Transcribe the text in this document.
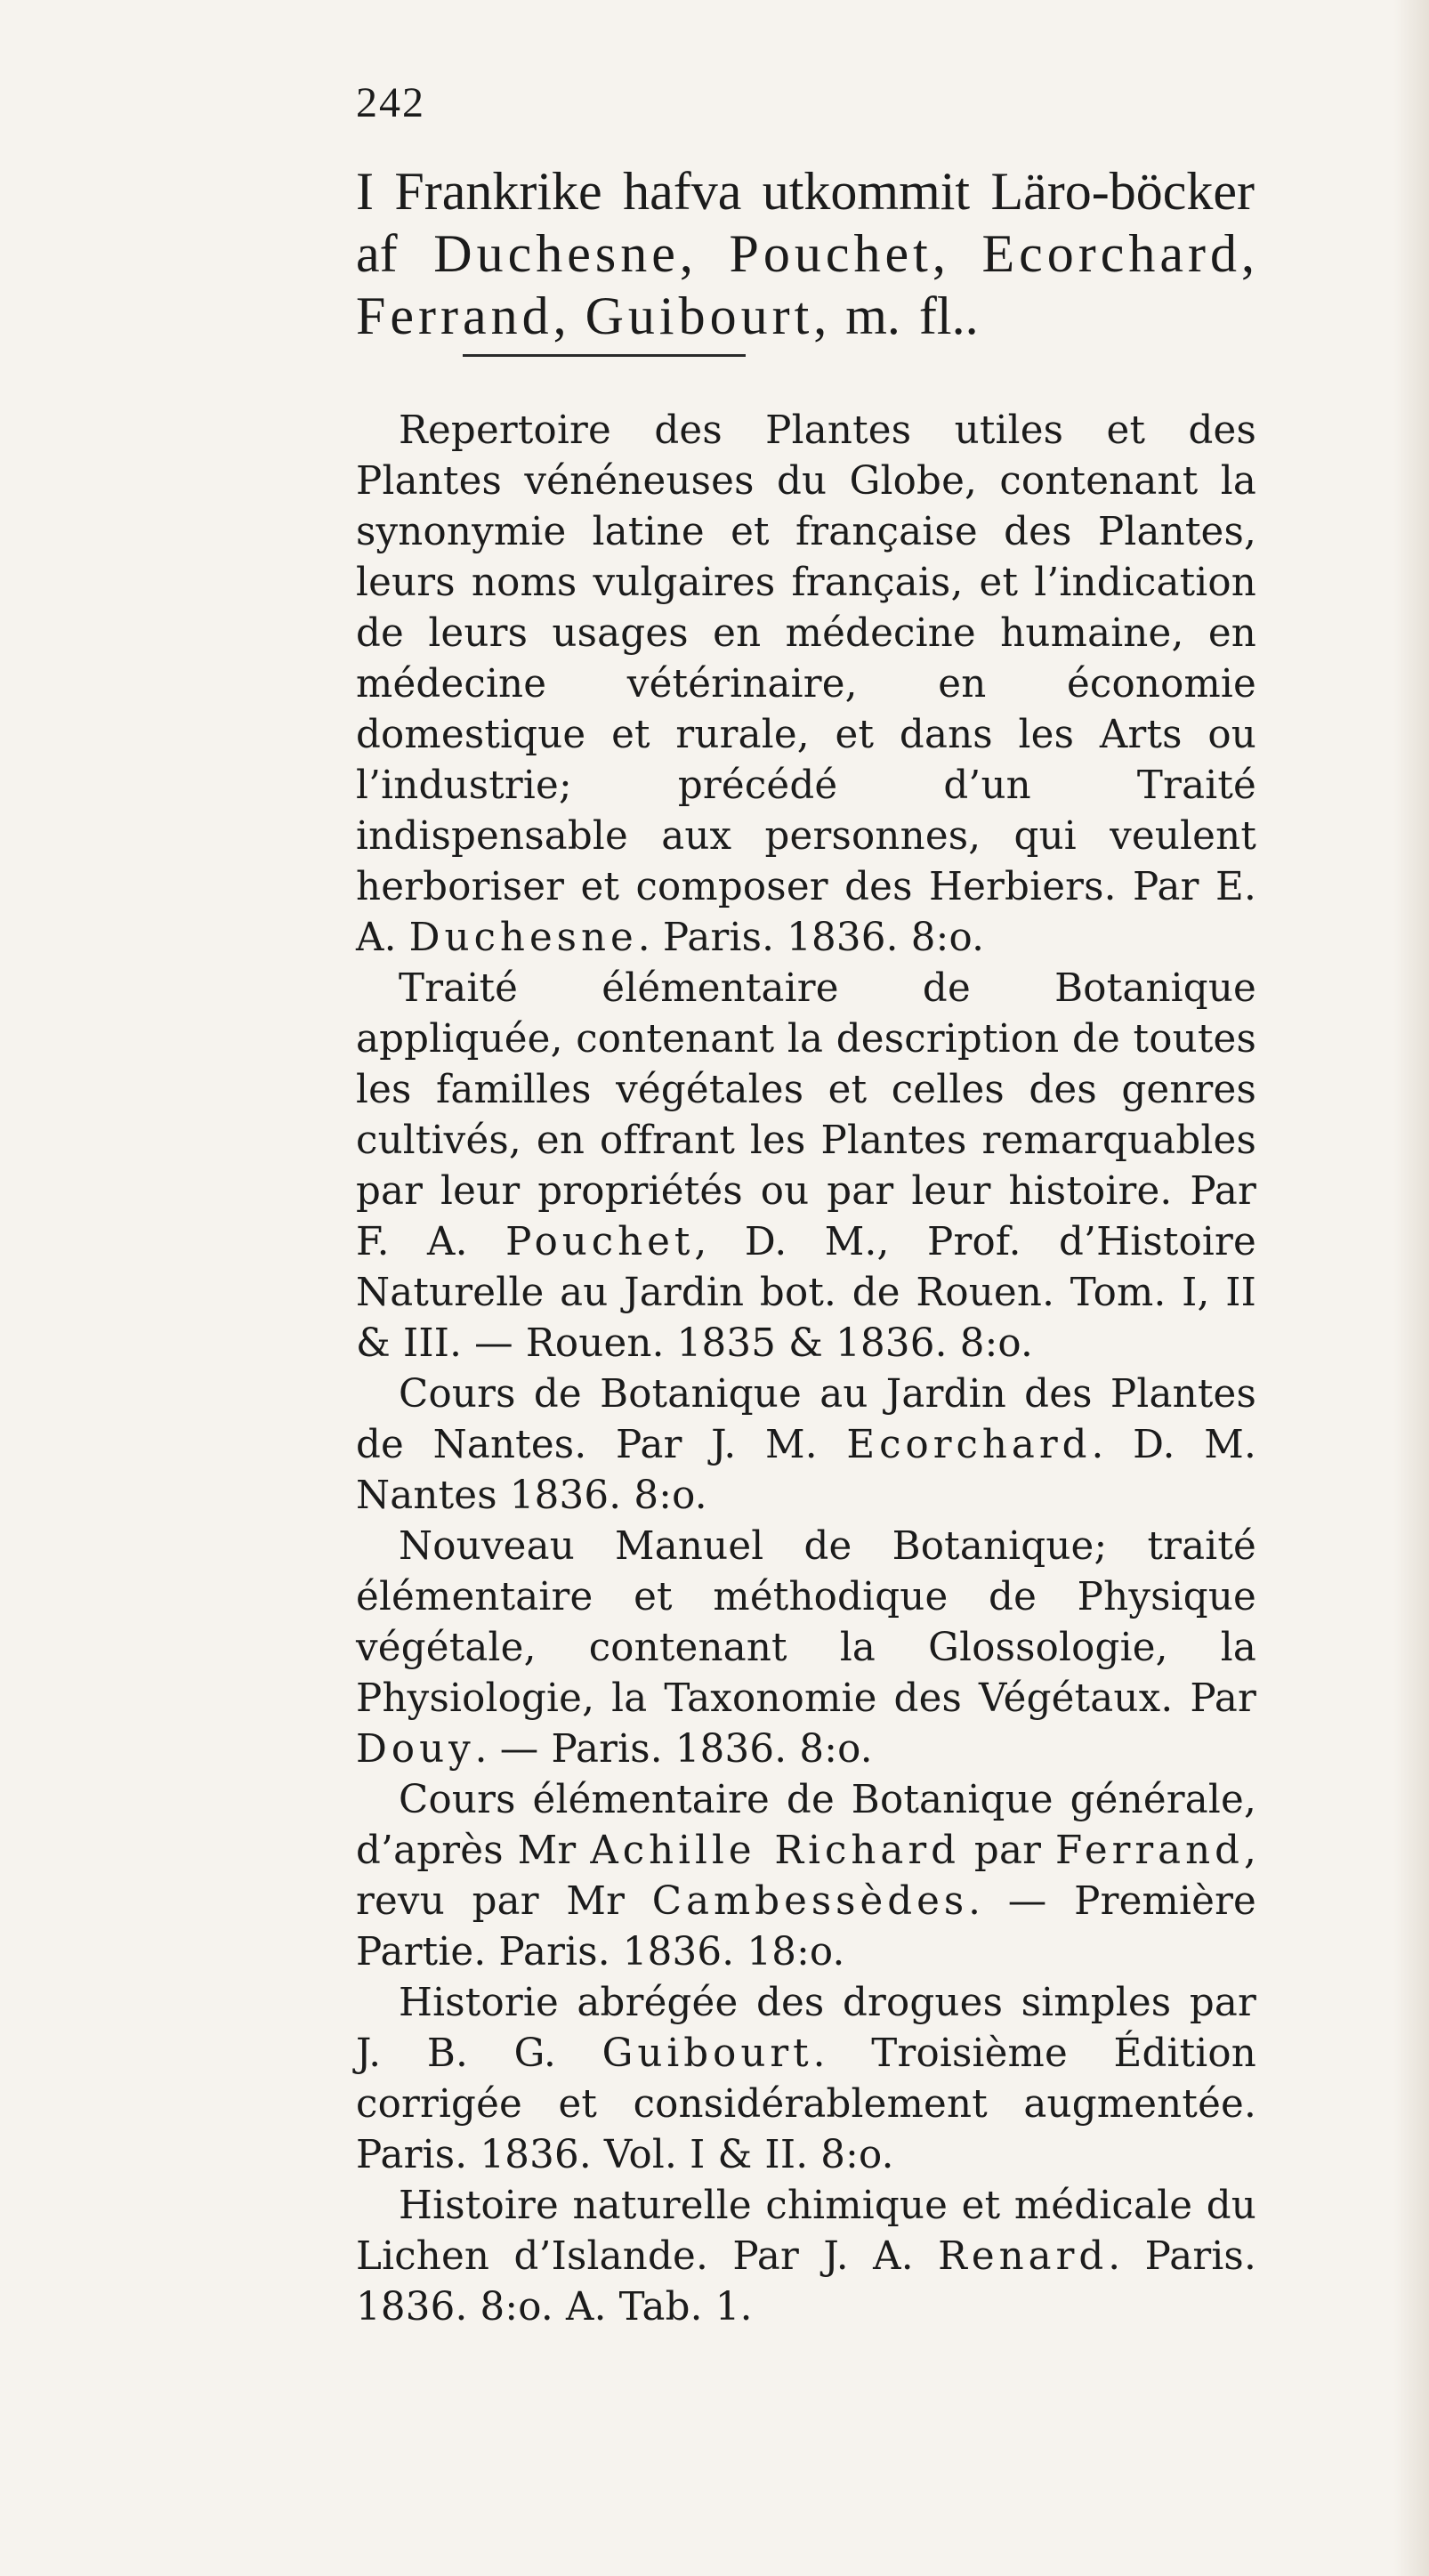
242
I Frankrike hafva utkommit Läro-böcker af Duchesne, Pouchet, Ecorchard, Ferrand, Guibourt, m. fl..

Repertoire des Plantes utiles et des Plantes vénéneuses du Globe, contenant la synonymie latine et française des Plantes, leurs noms vulgaires français, et l’indication de leurs usages en médecine humaine, en médecine vétérinaire, en économie domestique et rurale, et dans les Arts ou l’industrie; précédé d’un Traité indispensable aux personnes, qui veulent herboriser et composer des Herbiers. Par E. A. Duchesne. Paris. 1836. 8:o.

Traité élémentaire de Botanique appliquée, contenant la description de toutes les familles végétales et celles des genres cultivés, en offrant les Plantes remarquables par leur propriétés ou par leur histoire. Par F. A. Pouchet, D. M., Prof. d’Histoire Naturelle au Jardin bot. de Rouen. Tom. I, II & III. — Rouen. 1835 & 1836. 8:o.

Cours de Botanique au Jardin des Plantes de Nantes. Par J. M. Ecorchard. D. M. Nantes 1836. 8:o.

Nouveau Manuel de Botanique; traité élémentaire et méthodique de Physique végétale, contenant la Glossologie, la Physiologie, la Taxonomie des Végétaux. Par Douy. — Paris. 1836. 8:o.

Cours élémentaire de Botanique générale, d’après Mr Achille Richard par Ferrand, revu par Mr Cambessèdes. — Première Partie. Paris. 1836. 18:o.

Historie abrégée des drogues simples par J. B. G. Guibourt. Troisième Édition corrigée et considérablement augmentée. Paris. 1836. Vol. I & II. 8:o.

Histoire naturelle chimique et médicale du Lichen d’Islande. Par J. A. Renard. Paris. 1836. 8:o. A. Tab. 1.
